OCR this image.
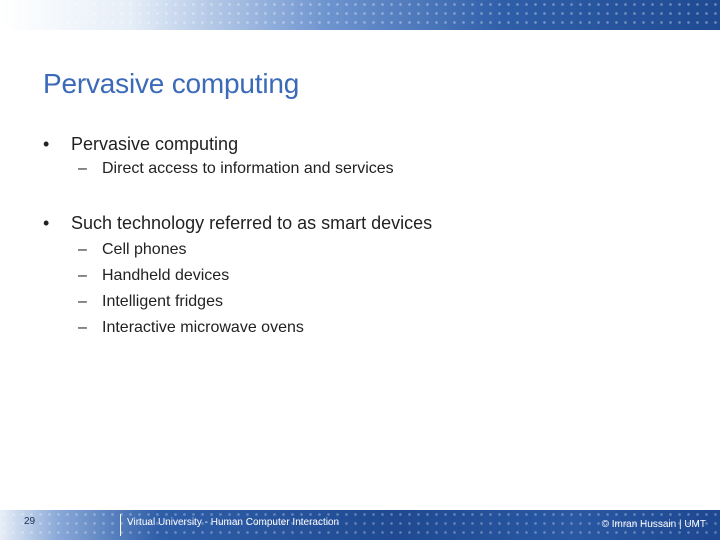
Pervasive computing
• Pervasive computing
– Direct access to information and services
• Such technology referred to as smart devices
– Cell phones
– Handheld devices
– Intelligent fridges
– Interactive microwave ovens
29	Virtual University - Human Computer Interaction	© Imran Hussain | UMT
